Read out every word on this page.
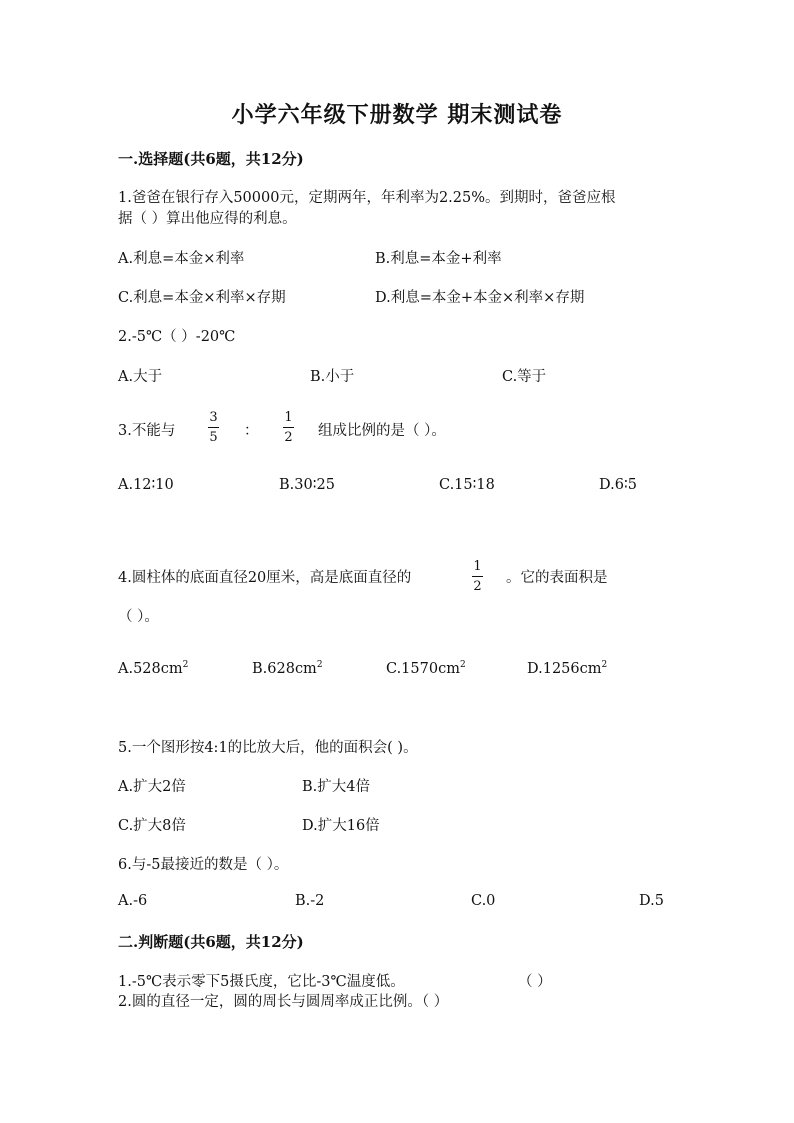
小学六年级下册数学 期末测试卷
一.选择题(共6题，共12分)
1.爸爸在银行存入50000元，定期两年，年利率为2.25%。到期时，爸爸应根
据（ ）算出他应得的利息。
A.利息=本金×利率	B.利息=本金+利率
C.利息=本金×利率×存期	D.利息=本金+本金×利率×存期
2.-5℃（ ）-20℃
A.大于	B.小于	C.等于
3.不能与
3
5 ：
1
2 组成比例的是（ ）。
A.12∶10	B.30∶25	C.15∶18	D.6∶5
4.圆柱体的底面直径20厘米，高是底面直径的
1
2
。它的表面积是
（ ）。
$A.528cm^2$	$B.628cm^2$	$C.1570cm^2$	$D.1256cm^2$
5.一个图形按4:1的比放大后，他的面积会( )。
A.扩大2倍	B.扩大4倍
C.扩大8倍	D.扩大16倍
6.与-5最接近的数是（ ）。
A.-6	B.-2	C.0	D.5
二.判断题(共6题，共12分)
1.-5℃表示零下5摄氏度，它比-3℃温度低。	（ ）
2.圆的直径一定，圆的周长与圆周率成正比例。（ ）
